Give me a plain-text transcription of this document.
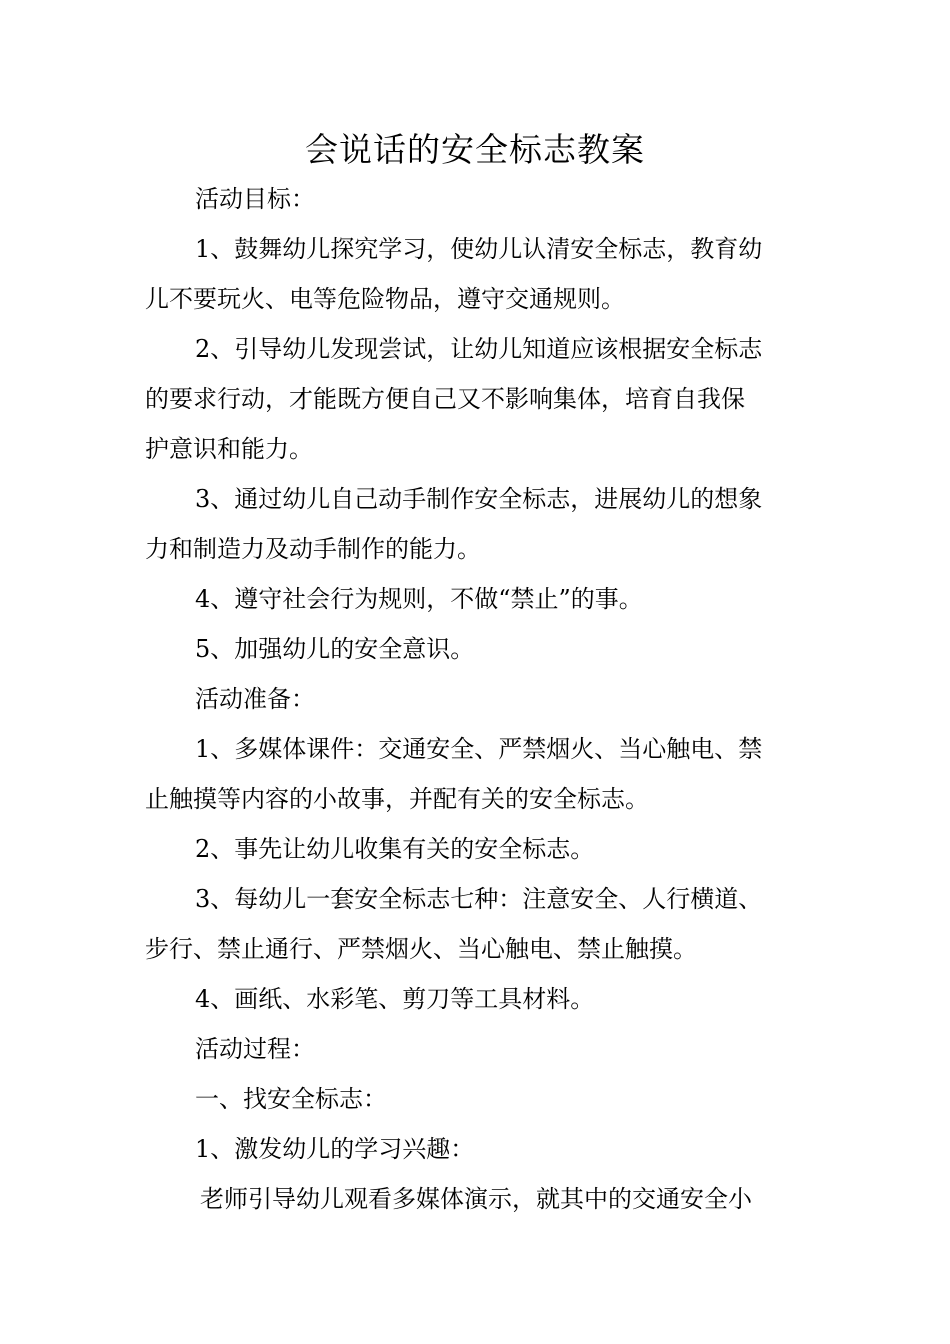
会说话的安全标志教案
活动目标：
1、鼓舞幼儿探究学习，使幼儿认清安全标志，教育幼
儿不要玩火、电等危险物品，遵守交通规则。
2、引导幼儿发现尝试，让幼儿知道应该根据安全标志
的要求行动，才能既方便自己又不影响集体，培育自我保
护意识和能力。
3、通过幼儿自己动手制作安全标志，进展幼儿的想象
力和制造力及动手制作的能力。
4、遵守社会行为规则，不做“禁止”的事。
5、加强幼儿的安全意识。
活动准备：
1、多媒体课件：交通安全、严禁烟火、当心触电、禁
止触摸等内容的小故事，并配有关的安全标志。
2、事先让幼儿收集有关的安全标志。
3、每幼儿一套安全标志七种：注意安全、人行横道、
步行、禁止通行、严禁烟火、当心触电、禁止触摸。
4、画纸、水彩笔、剪刀等工具材料。
活动过程：
一、找安全标志：
1、激发幼儿的学习兴趣：
老师引导幼儿观看多媒体演示，就其中的交通安全小
